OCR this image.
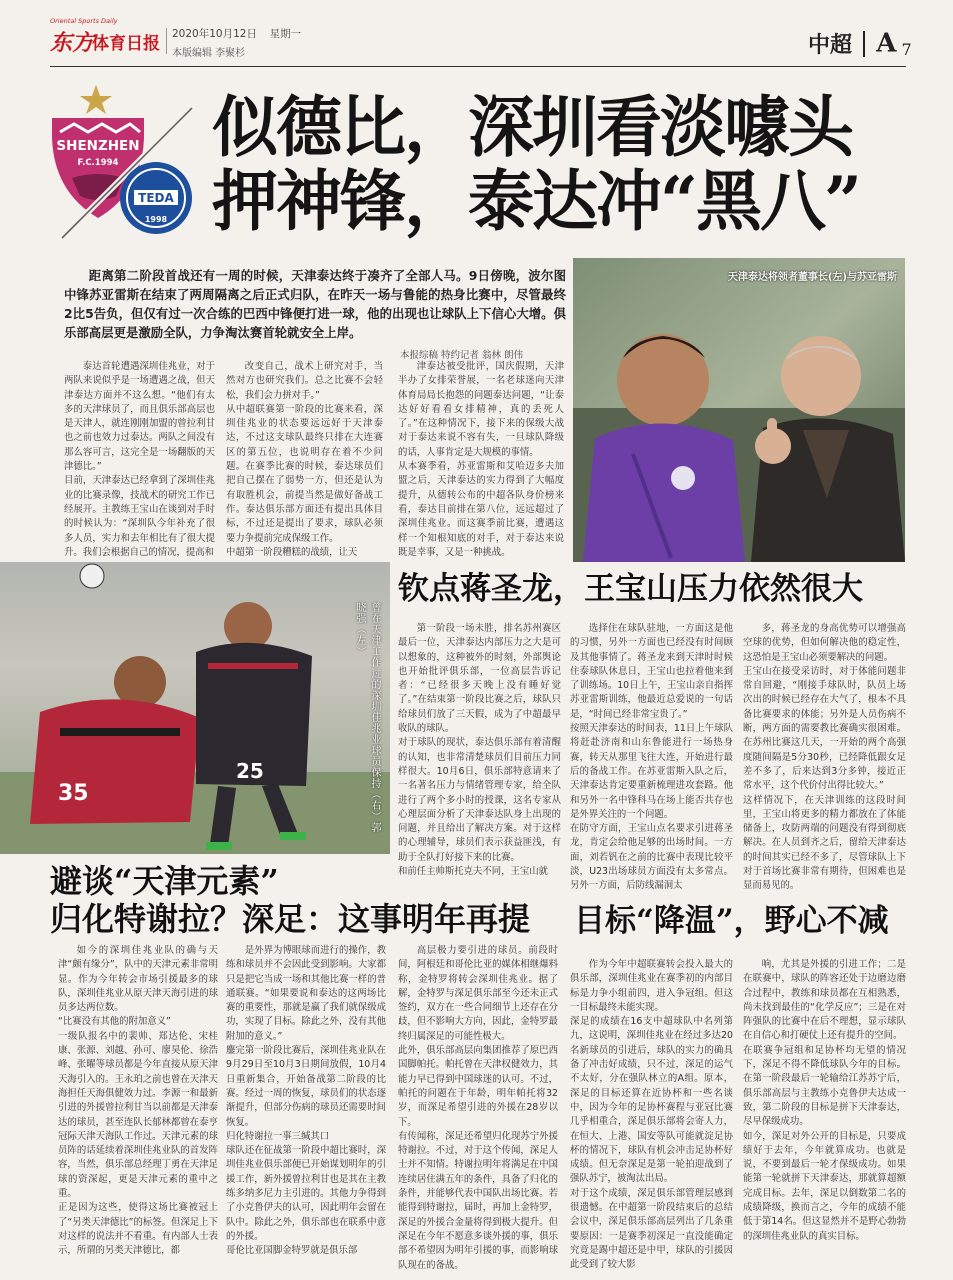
东方
体育日报
Oriental Sports Daily
2020年10月12日 星期一
本版编辑 李聚杉	中超 A 7
SHENZHEN
F.C.1994
TEDA
1998
似德比，深圳看淡噱头
押神锋，泰达冲“黑八”
距离第二阶段首战还有一周的时候，天津泰达终于凑齐了全部人马。9日傍晚，波尔图中锋苏亚雷斯在结束了两周隔离之后正式归队，在昨天一场与鲁能的热身比赛中，尽管最终2比5告负，但仅有过一次合练的巴西中锋便打进一球，他的出现也让球队上下信心大增。俱乐部高层更是激励全队，力争淘汰赛首轮就安全上岸。
本报综稿 特约记者 翁林 朗伟
天津泰达将领者董事长(左)与苏亚雷斯

泰达首轮遭遇深圳佳兆业，对于两队来说似乎是一场遭遇之战，但天津泰达方面并不这么想。“他们有太多的天津球员了，而且俱乐部高层也是天津人，就连刚刚加盟的曾拉利甘也之前也效力过泰达。两队之间没有那么容可言，这完全是一场翻版的天津德比。”
目前，天津泰达已经拿到了深圳佳兆业的比赛录像，技战术的研究工作已经展开。主教练王宝山在谈到对手时的时候认为：“深圳队今年补充了很多人员，实力和去年相比有了很大提升。我们会根据自己的情况，提高和

改变自己，战术上研究对手，当然对方也研究我们。总之比赛不会轻松，我们会力拼对手。”
从中超联赛第一阶段的比赛来看，深圳佳兆业的状态要远远好于天津泰达，不过这支球队最终只排在大连赛区的第五位，也说明存在着不少问题。在赛季比赛的时候，泰达球员们把自己摆在了弱势一方，但还是认为有取胜机会，前提当然是做好备战工作。泰达俱乐部方面还有提出具体目标，不过还是提出了要求，球队必须要力争提前完成保级工作。
中超第一阶段糟糕的战绩，让天

津泰达被受批评，国庆假期，天津半办了女排荣誉展，一名老球迷向天津体育局局长抱怨的问题泰达问题，“让泰达好好看看女排精神，真的丢死人了。”在这种情况下，接下来的保级大战对于泰达来说不容有失，一旦球队降级的话，人事肯定是大规模的事情。
从本赛季看，苏亚雷斯和艾哈迈多夫加盟之后，天津泰达的实力得到了大幅度提升，从德转公布的中超各队身价榜来看，泰达目前排在第八位，远远超过了深圳佳兆业。而这赛季前比赛，遭遇这样一个知根知底的对手，对于泰达来说既是幸事，又是一种挑战。

35
25	曾在天津工作过的深圳佳兆业球员保持（右）郭晓强（左）
钦点蒋圣龙，王宝山压力依然很大

第一阶段一场未胜，排名苏州赛区最后一位，天津泰达内部压力之大是可以想象的，这种被外的时刻，外部舆论也开始批评俱乐部，一位高层告诉记者：“已经很多天晚上没有睡好觉了。”在结束第一阶段比赛之后，球队只给球员们放了三天假，成为了中超最早收队的球队。
对于球队的现状，泰达俱乐部有着清醒的认知，也非常清楚球员们目前压力同样很大。10月6日，俱乐部特意请来了一名著名压力与情绪管理专家，给全队进行了两个多小时的授课，这名专家从心理层面分析了天津泰达队身上出现的问题，并且给出了解决方案。对于这样的心理辅导，球员们表示获益匪浅，有助于全队打好接下来的比赛。
和前任主帅斯托克夫不同，王宝山就

选择住在球队驻地，一方面这是他的习惯，另外一方面也已经没有时间顾及其他事情了。蒋圣龙来到天津时时候住泰球队休息日，王宝山也拉着他来到了训练场。10日上午，王宝山亲自指挥苏亚雷斯训练，他最近总爱说的一句话是，“时间已经非常宝贵了。”
按照天津泰达的时间表，11日上午球队将赶赴济南和山东鲁能进行一场热身赛，转天从那里飞往大连，开始进行最后的备战工作。在苏亚雷斯入队之后，天津泰达肯定要重新梳理进攻套路。他和另外一名中锋科马在场上能否共存也是外界关注的一个问题。
在防守方面，王宝山点名要求引进蒋圣龙，肯定会给他足够的出场时间。一方面，刘若钒在之前的比赛中表现比较平淡，U23出场球员方面没有太多常点。另外一方面，后防线漏洞太

多，蒋圣龙的身高优势可以增强高空球的优势，但如何解决他的稳定性，这恐怕是王宝山必须要解决的问题。
王宝山在接受采访时，对于体能问题非常自回避，“刚接手球队时，队员上场次出的时候已经存在大气了，根本不具备比赛要求的体能；另外是人员伤病不断，两方面的需要教比赛确实很困难。在苏州比赛这几天，一开始的两个高强度随间隔是5分30秒，已经降低跟女足差不多了，后来达到3分多钟，接近正常水平，这个代价付出得比较大。”
这样情况下，在天津训练的这段时间里，王宝山将更多的精力都放在了体能储备上，攻防两端的问题没有得到彻底解决。在人员到齐之后，留给天津泰达的时间其实已经不多了，尽管球队上下对于首场比赛非常有期待，但困难也是显而易见的。

避谈“天津元素”
归化特谢拉？深足：这事明年再提

如今的深圳佳兆业队的确与天津“颇有缘分”，队中的天津元素非常明显。作为今年转会市场引援最多的球队，深圳佳兆业从原天津天海引进的球员多达两位数。
“比赛没有其他的附加意义”
一级队报名中的裴帅、郑达伦、宋桂康、张源、刘越、孙可、廖昊伦、徐浩峰、张曜等球员都是今年直接从原天津天海引入的。王永珀之前也曾在天津天海担任天海俱健效力过。李源一和最新引进的外援曾拉利甘当以前都是天津泰达的球员，甚至连队长郁林都曾在泰亨冠际天津天海队工作过。天津元素的球员阵的话延续着深圳佳兆业队的首发阵容，当然，俱乐部总经理丁勇在天津足球的资深起，更是天津元素的重中之重。
正是因为这些，使得这场比赛被冠上了“另类天津德比”的标签。但深足上下对这样的说法并不看重。有内部人士表示，所谓的另类天津德比，都

是外界为博眼球而进行的操作，教练和球员并不会因此受到影响。大家都只是把它当成一场和其他比赛一样的普通联赛。“如果要说和泰达的这两场比赛的重要性，那就是赢了我们就保级成功，实现了目标。除此之外，没有其他附加的意义。”
鏖完第一阶段比赛后，深圳佳兆业队在9月29日至10月3日期间放假，10月4日重新集合，开始备战第二阶段的比赛。经过一周的恢复，球员们的状态逐渐提升，但部分伤病的球员还需要时间恢复。
归化特谢拉一事三缄其口
球队还在征战第一阶段中超比赛时，深圳佳兆业俱乐部便已开始谋划明年的引援工作，新外援曾拉利甘也是其在主教练多纳多尼力主引进的。其他力争得到了小克鲁伊夫的认可，因此明年会留在队中。除此之外，俱乐部也在联系中意的外援。
哥伦比亚国脚金特罗就是俱乐部

高层极力要引进的球员。前段时间，阿根廷和哥伦比亚的媒体相继爆料称，金特罗将转会深圳佳兆业。据了解，金特罗与深足俱乐部至今还未正式签约，双方在一些合同细节上还存在分歧，但不影响大方向，因此，金特罗最终归属深足的可能性极大。
此外，俱乐部高层向集团推荐了原巴西国脚帕托。帕托曾在天津权健效力，其能力早已得到中国球迷的认可。不过，帕托的问题在于年龄，明年帕托将32岁，而深足希望引进的外援在28岁以下。
有传闻称，深足还希望归化现苏宁外援特谢拉。不过，对于这个传闻，深足人士并不知情。特谢拉明年将满足在中国连续居住满五年的条件，具备了归化的条件，并能够代表中国队出场比赛。若能得到特谢拉，届时，再加上金特罗，深足的外援合金量将得到极大提升。但深足在今年不愿意多谈外援的事，俱乐部不希望因为明年引援的事，而影响球队现在的备战。

目标“降温”，野心不减

作为今年中超联赛转会投入最大的俱乐部，深圳佳兆业在赛季初的内部目标是力争小组前四，进入争冠组。但这一目标最终未能实现。
深足的成绩在16支中超球队中名列第九，这说明，深圳佳兆业在经过多达20名新球员的引进后，球队的实力的确具备了冲击好成绩，只不过，深足的运气不太好，分在强队林立的A组。原本，深足的目标还算在近协杯和一些名谈中，因为今年的足协杯赛程与亚冠比赛几乎相重合，深足俱乐部将会寄人力，在恒大、上港、国安等队可能就淀足协杯的情况下，球队有机会冲击足协杯好成绩。但无奈深足是第一轮拍迎战到了强队苏宁，被淘汰出局。
对于这个成绩，深足俱乐部管理层感到很遗憾。在中超第一阶段结束后的总结会议中，深足俱乐部高层列出了几条重要原因：一是赛季初深足一直没能确定究竟是踢中超还是中甲，球队的引援因此受到了较大影

响，尤其是外援的引进工作；二是在联赛中，球队的阵容还处于边磨边磨合过程中，教练和球员都在互相熟悉，尚未找到最佳的“化学反应”；三是在对阵强队的比赛中在后不理想，显示球队在自信心和打硬仗上还有提升的空间。
在联赛争冠组和足协杯均无望的情况下，深足不得不降低球队今年的目标。在第一阶段最后一轮输给江苏苏宁后，俱乐部高层与主教练小克鲁伊夫达成一致，第二阶段的目标是拼下天津泰达，尽早保级成功。
如今，深足对外公开的目标是，只要成绩好于去年，今年就算成功。也就是说，不要到最后一轮才保级成功。如果能第一轮就拼下天津泰达，那就算超额完成目标。去年，深足以倒数第二名的成绩降级，换而言之，今年的成绩不能低于第14名。但这显然并不是野心勃勃的深圳佳兆业队的真实目标。
